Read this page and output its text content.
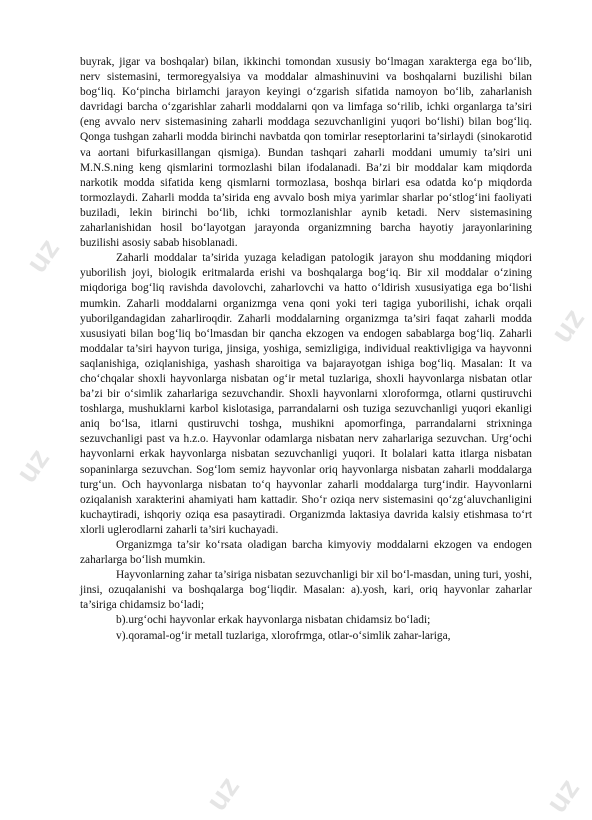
uz
uz
uz
uz
uz

buyrak, jigar va boshqalar) bilan, ikkinchi tomondan xususiy bo‘lmagan xarakterga ega bo‘lib, nerv sistemasini, termoregyalsiya va moddalar almashinuvini va boshqalarni buzilishi bilan bog‘liq. Ko‘pincha birlamchi jarayon keyingi o‘zgarish sifatida namoyon bo‘lib, zaharlanish davridagi barcha o‘zgarishlar zaharli moddalarni qon va limfaga so‘rilib, ichki organlarga ta’siri (eng avvalo nerv sistemasining zaharli moddaga sezuvchanligini yuqori bo‘lishi) bilan bog‘liq. Qonga tushgan zaharli modda birinchi navbatda qon tomirlar reseptorlarini ta’sirlaydi (sinokarotid va aortani bifurkasillangan qismiga). Bundan tashqari zaharli moddani umumiy ta’siri uni M.N.S.ning keng qismlarini tormozlashi bilan ifodalanadi. Ba’zi bir moddalar kam miqdorda narkotik modda sifatida keng qismlarni tormozlasa, boshqa birlari esa odatda ko‘p miqdorda tormozlaydi. Zaharli modda ta’sirida eng avvalo bosh miya yarimlar sharlar po‘stlog‘ini faoliyati buziladi, lekin birinchi bo‘lib, ichki tormozlanishlar aynib ketadi. Nerv sistemasining zaharlanishidan hosil bo‘layotgan jarayonda organizmning barcha hayotiy jarayonlarining buzilishi asosiy sabab hisoblanadi.

Zaharli moddalar ta’sirida yuzaga keladigan patologik jarayon shu moddaning miqdori yuborilish joyi, biologik eritmalarda erishi va boshqalarga bog‘iq. Bir xil moddalar o‘zining miqdoriga bog‘liq ravishda davolovchi, zaharlovchi va hatto o‘ldirish xususiyatiga ega bo‘lishi mumkin. Zaharli moddalarni organizmga vena qoni yoki teri tagiga yuborilishi, ichak orqali yuborilgandagidan zaharliroqdir. Zaharli moddalarning organizmga ta’siri faqat zaharli modda xususiyati bilan bog‘liq bo‘lmasdan bir qancha ekzogen va endogen sabablarga bog‘liq. Zaharli moddalar ta’siri hayvon turiga, jinsiga, yoshiga, semizligiga, individual reaktivligiga va hayvonni saqlanishiga, oziqlanishiga, yashash sharoitiga va bajarayotgan ishiga bog‘liq. Masalan: It va cho‘chqalar shoxli hayvonlarga nisbatan og‘ir metal tuzlariga, shoxli hayvonlarga nisbatan otlar ba’zi bir o‘simlik zaharlariga sezuvchandir. Shoxli hayvonlarni xloroformga, otlarni qustiruvchi toshlarga, mushuklarni karbol kislotasiga, parrandalarni osh tuziga sezuvchanligi yuqori ekanligi aniq bo‘lsa, itlarni qustiruvchi toshga, mushikni apomorfinga, parrandalarni strixninga sezuvchanligi past va h.z.o. Hayvonlar odamlarga nisbatan nerv zaharlariga sezuvchan. Urg‘ochi hayvonlarni erkak hayvonlarga nisbatan sezuvchanligi yuqori. It bolalari katta itlarga nisbatan sopaninlarga sezuvchan. Sog‘lom semiz hayvonlar oriq hayvonlarga nisbatan zaharli moddalarga turg‘un. Och hayvonlarga nisbatan to‘q hayvonlar zaharli moddalarga turg‘indir. Hayvonlarni oziqalanish xarakterini ahamiyati ham kattadir. Sho‘r oziqa nerv sistemasini qo‘zg‘aluvchanligini kuchaytiradi, ishqoriy oziqa esa pasaytiradi. Organizmda laktasiya davrida kalsiy etishmasa to‘rt xlorli uglerodlarni zaharli ta’siri kuchayadi.

Organizmga ta’sir ko‘rsata oladigan barcha kimyoviy moddalarni ekzogen va endogen zaharlarga bo‘lish mumkin.

Hayvonlarning zahar ta’siriga nisbatan sezuvchanligi bir xil bo‘l-masdan, uning turi, yoshi, jinsi, ozuqalanishi va boshqalarga bog‘liqdir. Masalan: a).yosh, kari, oriq hayvonlar zaharlar ta’siriga chidamsiz bo‘ladi;

b).urg‘ochi hayvonlar erkak hayvonlarga nisbatan chidamsiz bo‘ladi;

v).qoramal-og‘ir metall tuzlariga, xlorofrmga, otlar-o‘simlik zahar-lariga,
